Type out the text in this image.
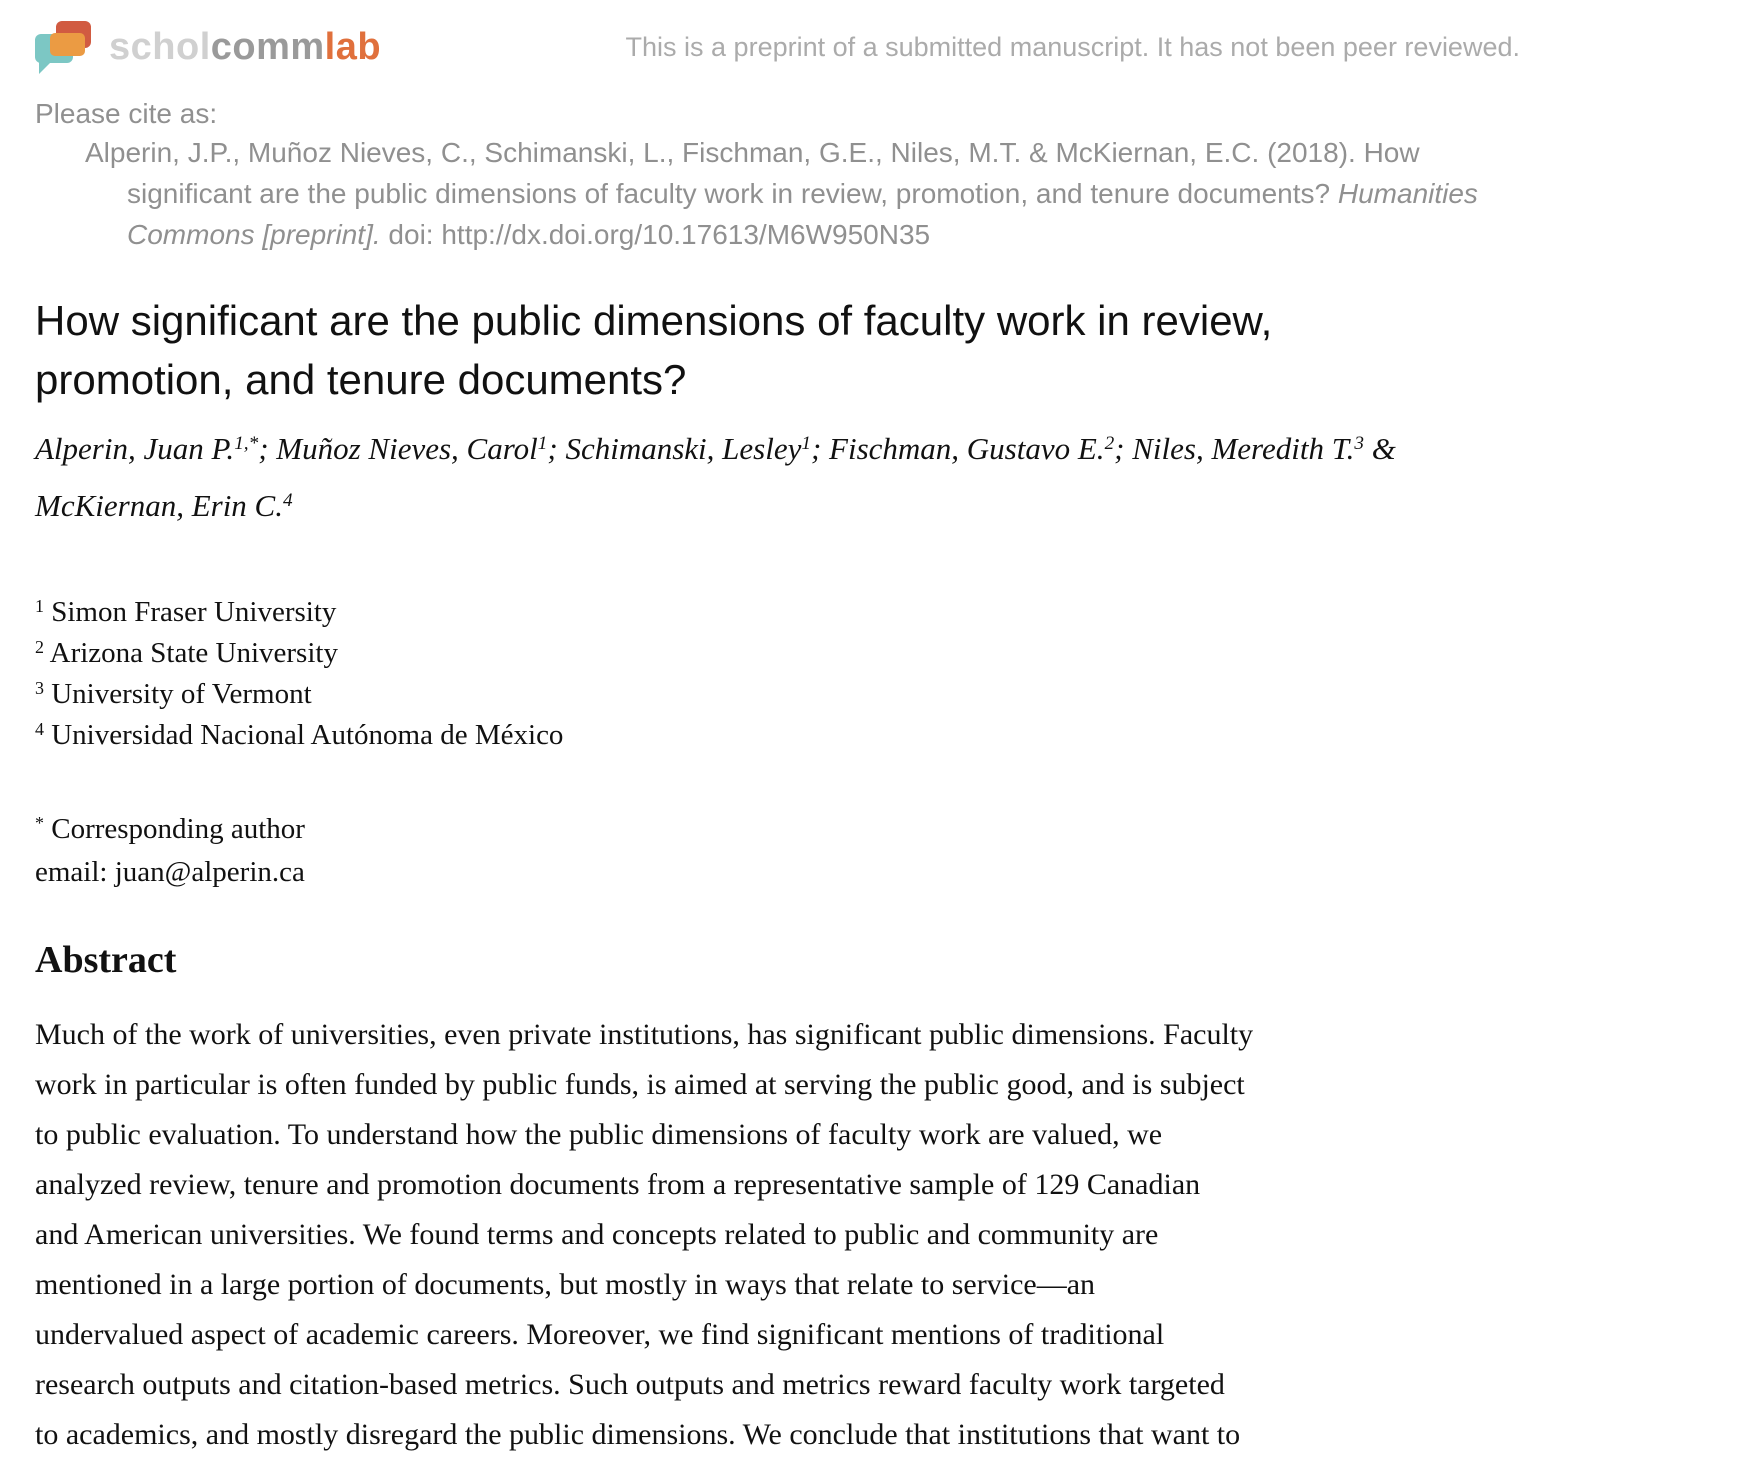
scholcommlab	This is a preprint of a submitted manuscript. It has not been peer reviewed.
Please cite as:
Alperin, J.P., Muñoz Nieves, C., Schimanski, L., Fischman, G.E., Niles, M.T. & McKiernan, E.C. (2018). How
significant are the public dimensions of faculty work in review, promotion, and tenure documents? Humanities
Commons [preprint]. doi: http://dx.doi.org/10.17613/M6W950N35
How significant are the public dimensions of faculty work in review,
promotion, and tenure documents?
Alperin, Juan P.$^{1,*}$; Muñoz Nieves, Carol$^1$; Schimanski, Lesley$^1$; Fischman, Gustavo E.$^2$; Niles, Meredith T.$^3$ &
McKiernan, Erin C.$^4$
$^1$ Simon Fraser University
$^2$ Arizona State University
$^3$ University of Vermont
$^4$ Universidad Nacional Autónoma de México
* Corresponding author
email: juan@alperin.ca
Abstract
Much of the work of universities, even private institutions, has significant public dimensions. Faculty
work in particular is often funded by public funds, is aimed at serving the public good, and is subject
to public evaluation. To understand how the public dimensions of faculty work are valued, we
analyzed review, tenure and promotion documents from a representative sample of 129 Canadian
and American universities. We found terms and concepts related to public and community are
mentioned in a large portion of documents, but mostly in ways that relate to service—an
undervalued aspect of academic careers. Moreover, we find significant mentions of traditional
research outputs and citation-based metrics. Such outputs and metrics reward faculty work targeted
to academics, and mostly disregard the public dimensions. We conclude that institutions that want to
